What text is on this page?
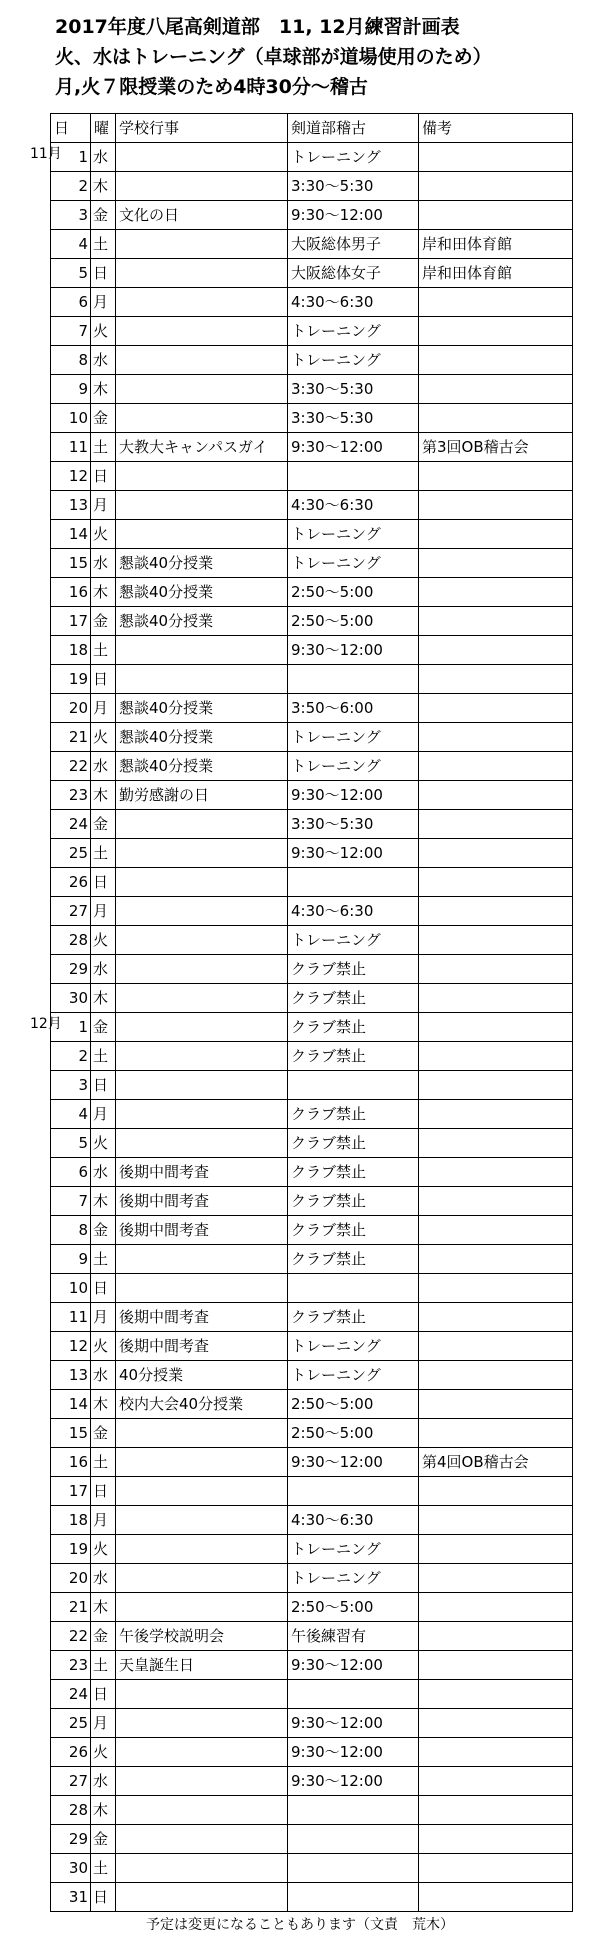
2017年度八尾高剣道部　11, 12月練習計画表
火、水はトレーニング（卓球部が道場使用のため）
月,火７限授業のため4時30分～稽古
11月
12月
日	曜	学校行事	剣道部稽古	備考
1	水		トレーニング	
2	木		3:30～5:30	
3	金	文化の日	9:30～12:00	
4	土		大阪総体男子	岸和田体育館
5	日		大阪総体女子	岸和田体育館
6	月		4:30～6:30	
7	火		トレーニング	
8	水		トレーニング	
9	木		3:30～5:30	
10	金		3:30～5:30	
11	土	大教大キャンパスガイ	9:30～12:00	第3回OB稽古会
12	日			
13	月		4:30～6:30	
14	火		トレーニング	
15	水	懇談40分授業	トレーニング	
16	木	懇談40分授業	2:50～5:00	
17	金	懇談40分授業	2:50～5:00	
18	土		9:30～12:00	
19	日			
20	月	懇談40分授業	3:50～6:00	
21	火	懇談40分授業	トレーニング	
22	水	懇談40分授業	トレーニング	
23	木	勤労感謝の日	9:30～12:00	
24	金		3:30～5:30	
25	土		9:30～12:00	
26	日			
27	月		4:30～6:30	
28	火		トレーニング	
29	水		クラブ禁止	
30	木		クラブ禁止	
1	金		クラブ禁止	
2	土		クラブ禁止	
3	日			
4	月		クラブ禁止	
5	火		クラブ禁止	
6	水	後期中間考査	クラブ禁止	
7	木	後期中間考査	クラブ禁止	
8	金	後期中間考査	クラブ禁止	
9	土		クラブ禁止	
10	日			
11	月	後期中間考査	クラブ禁止	
12	火	後期中間考査	トレーニング	
13	水	40分授業	トレーニング	
14	木	校内大会40分授業	2:50～5:00	
15	金		2:50～5:00	
16	土		9:30～12:00	第4回OB稽古会
17	日			
18	月		4:30～6:30	
19	火		トレーニング	
20	水		トレーニング	
21	木		2:50～5:00	
22	金	午後学校説明会	午後練習有	
23	土	天皇誕生日	9:30～12:00	
24	日			
25	月		9:30～12:00	
26	火		9:30～12:00	
27	水		9:30～12:00	
28	木			
29	金			
30	土			
31	日			
予定は変更になることもあります（文責　荒木）
